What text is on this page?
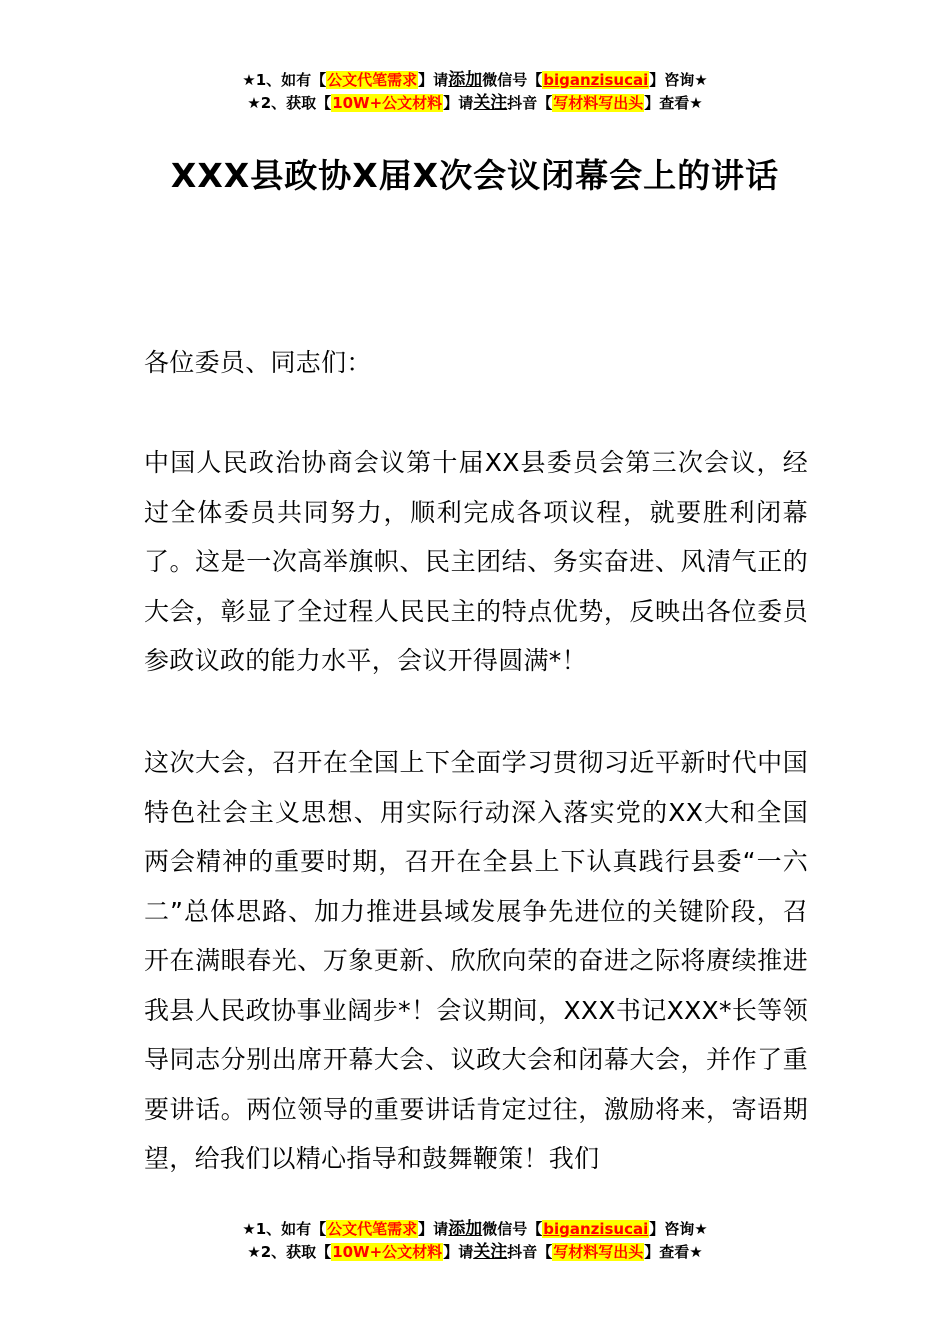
★1、如有【公文代笔需求】请添加微信号【biganzisucai】咨询★
★2、获取【10W+公文材料】请关注抖音【写材料写出头】查看★
XXX县政协X届X次会议闭幕会上的讲话

各位委员、同志们：

中国人民政治协商会议第十届XX县委员会第三次会议，经过全体委员共同努力，顺利完成各项议程，就要胜利闭幕了。这是一次高举旗帜、民主团结、务实奋进、风清气正的大会，彰显了全过程人民民主的特点优势，反映出各位委员参政议政的能力水平，会议开得圆满*！

这次大会，召开在全国上下全面学习贯彻习近平新时代中国特色社会主义思想、用实际行动深入落实党的XX大和全国两会精神的重要时期，召开在全县上下认真践行县委“一六二”总体思路、加力推进县域发展争先进位的关键阶段，召开在满眼春光、万象更新、欣欣向荣的奋进之际将赓续推进我县人民政协事业阔步*！会议期间，XXX书记XXX*长等领导同志分别出席开幕大会、议政大会和闭幕大会，并作了重要讲话。两位领导的重要讲话肯定过往，激励将来，寄语期望，给我们以精心指导和鼓舞鞭策！我们

★1、如有【公文代笔需求】请添加微信号【biganzisucai】咨询★
★2、获取【10W+公文材料】请关注抖音【写材料写出头】查看★
